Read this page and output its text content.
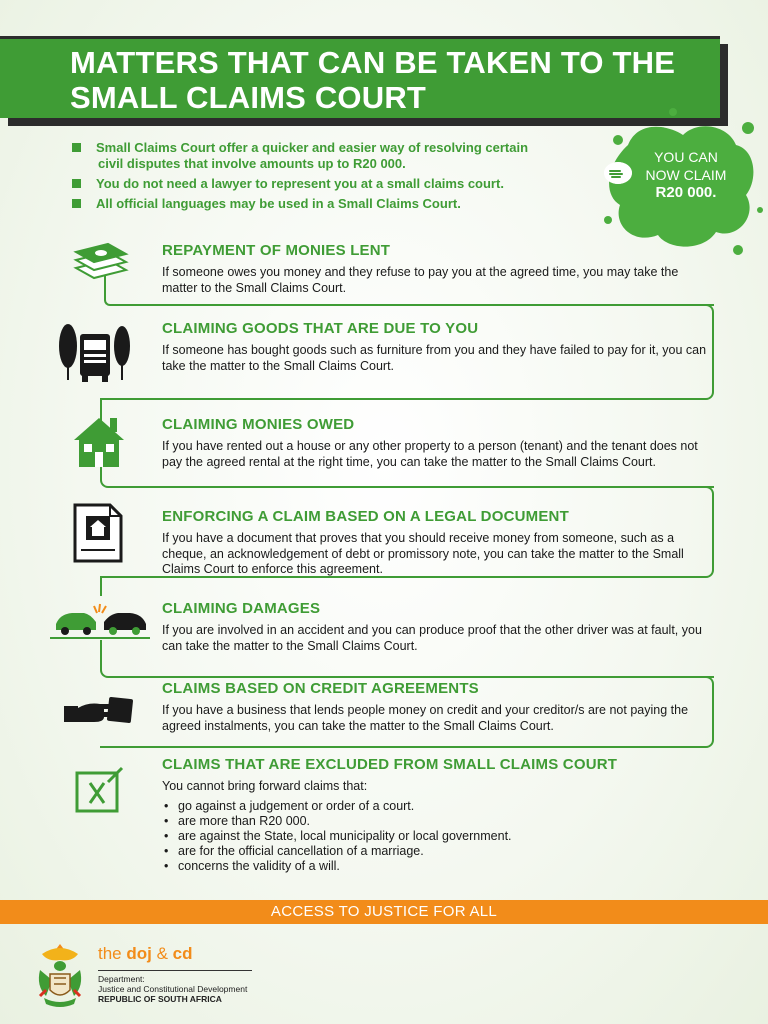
MATTERS THAT CAN BE TAKEN TO THE
SMALL CLAIMS COURT
Small Claims Court offer a quicker and easier way of resolving certain
civil disputes that involve amounts up to R20 000.
You do not need a lawyer to represent you at a small claims court.
All official languages may be used in a Small Claims Court.
YOU CAN
NOW CLAIM
R20 000.
REPAYMENT OF MONIES LENT
If someone owes you money and they refuse to pay you at the agreed time, you may take the matter to the Small Claims Court.
CLAIMING GOODS THAT ARE DUE TO YOU
If someone has bought goods such as furniture from you and they have failed to pay for it, you can take the matter to the Small Claims Court.
CLAIMING MONIES OWED
If you have rented out a house or any other property to a person (tenant) and the tenant does not pay the agreed rental at the right time, you can take the matter to the Small Claims Court.
ENFORCING A CLAIM BASED ON A LEGAL DOCUMENT
If you have a document that proves that you should receive money from someone, such as a cheque, an acknowledgement of debt or promissory note, you can take the matter to the Small Claims Court to enforce this agreement.
CLAIMING DAMAGES
If you are involved in an accident and you can produce proof that the other driver was at fault, you can take the matter to the Small Claims Court.
CLAIMS BASED ON CREDIT AGREEMENTS
If you have a business that lends people money on credit and your creditor/s are not paying the agreed instalments, you can take the matter to the Small Claims Court.
CLAIMS THAT ARE EXCLUDED FROM SMALL CLAIMS COURT
You cannot bring forward claims that:
• go against a judgement or order of a court.
• are more than R20 000.
• are against the State, local municipality or local government.
• are for the official cancellation of a marriage.
• concerns the validity of a will.
ACCESS TO JUSTICE FOR ALL
the doj & cd
Department:
Justice and Constitutional Development
REPUBLIC OF SOUTH AFRICA
